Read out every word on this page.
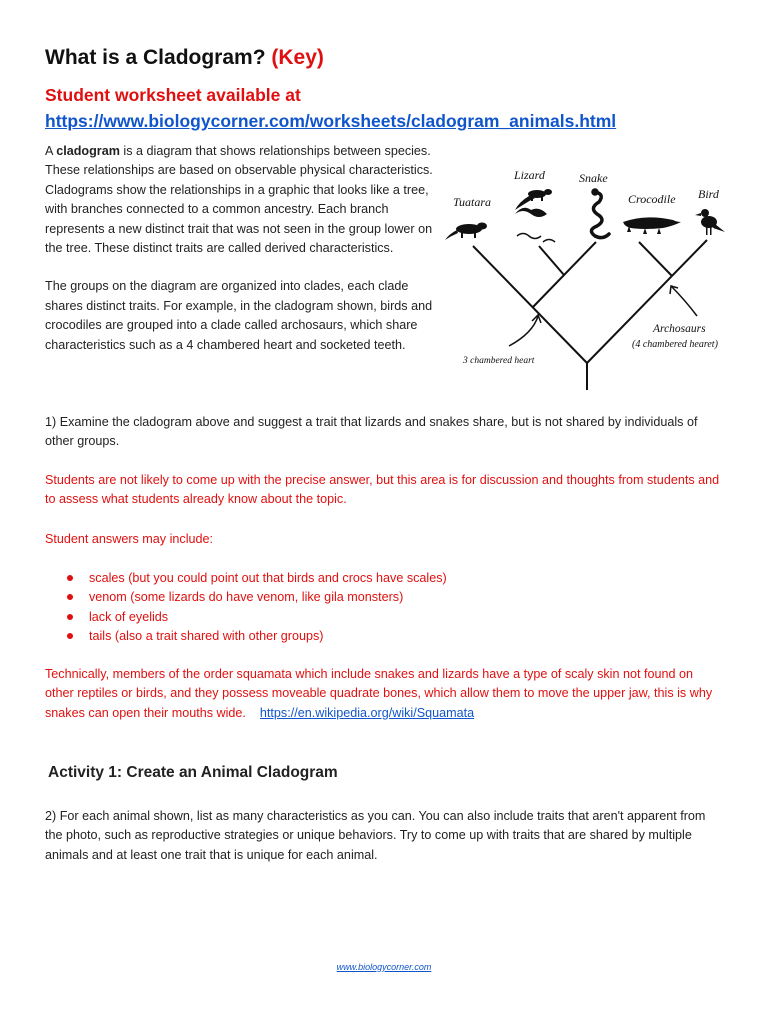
What is a Cladogram? (Key)

Student worksheet available at

https://www.biologycorner.com/worksheets/cladogram_animals.html

A cladogram is a diagram that shows relationships between species. These relationships are based on observable physical characteristics. Cladograms show the relationships in a graphic that looks like a tree, with branches connected to a common ancestry. Each branch represents a new distinct trait that was not seen in the group lower on the tree. These distinct traits are called derived characteristics.

The groups on the diagram are organized into clades, each clade shares distinct traits. For example, in the cladogram shown, birds and crocodiles are grouped into a clade called archosaurs, which share characteristics such as a 4 chambered heart and socketed teeth.

Tuatara
Lizard	Snake
Crocodile Bird
Archosaurs
(4 chambered hearet)
3 chambered heart

1) Examine the cladogram above and suggest a trait that lizards and snakes share, but is not shared by individuals of other groups.

Students are not likely to come up with the precise answer, but this area is for discussion and thoughts from students and to assess what students already know about the topic.

Student answers may include:

scales (but you could point out that birds and crocs have scales)
venom (some lizards do have venom, like gila monsters)
lack of eyelids
tails (also a trait shared with other groups)

Technically, members of the order squamata which include snakes and lizards have a type of scaly skin not found on other reptiles or birds, and they possess moveable quadrate bones, which allow them to move the upper jaw, this is why snakes can open their mouths wide. https://en.wikipedia.org/wiki/Squamata

Activity 1: Create an Animal Cladogram

2) For each animal shown, list as many characteristics as you can. You can also include traits that aren't apparent from the photo, such as reproductive strategies or unique behaviors. Try to come up with traits that are shared by multiple animals and at least one trait that is unique for each animal.

www.biologycorner.com
